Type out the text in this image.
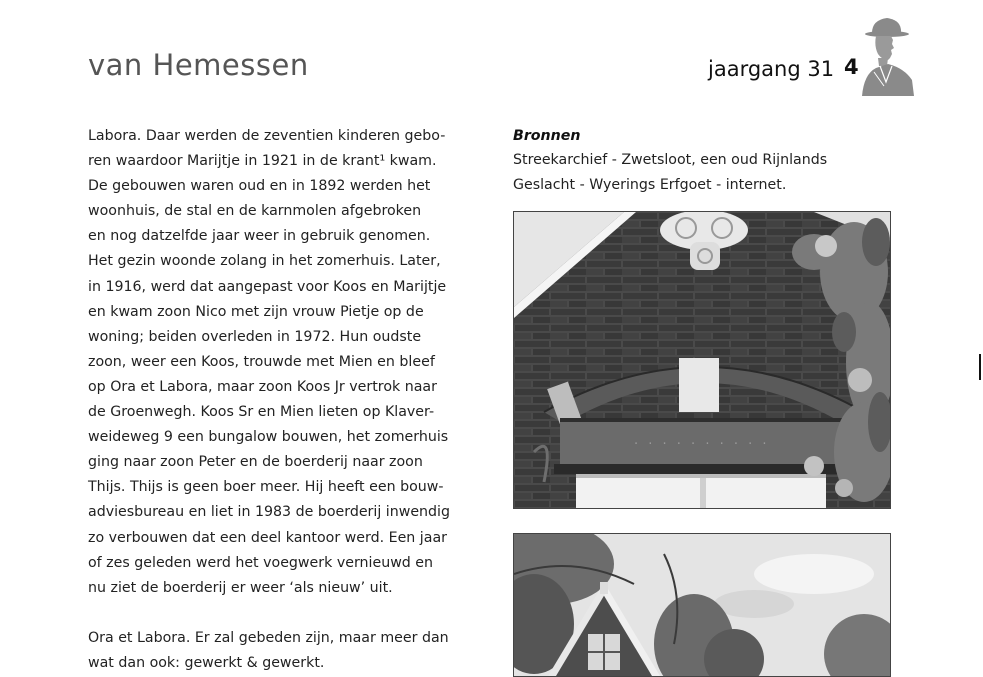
van Hemessen	jaargang 31 4

Labora. Daar werden de zeventien kinderen gebo-

ren waardoor Marijtje in 1921 in de krant¹ kwam.

De gebouwen waren oud en in 1892 werden het

woonhuis, de stal en de karnmolen afgebroken

en nog datzelfde jaar weer in gebruik genomen.

Het gezin woonde zolang in het zomerhuis. Later,

in 1916, werd dat aangepast voor Koos en Marijtje

en kwam zoon Nico met zijn vrouw Pietje op de

woning; beiden overleden in 1972. Hun oudste

zoon, weer een Koos, trouwde met Mien en bleef

op Ora et Labora, maar zoon Koos Jr vertrok naar

de Groenwegh. Koos Sr en Mien lieten op Klaver-

weideweg 9 een bungalow bouwen, het zomerhuis

ging naar zoon Peter en de boerderij naar zoon

Thijs. Thijs is geen boer meer. Hij heeft een bouw-

adviesbureau en liet in 1983 de boerderij inwendig

zo verbouwen dat een deel kantoor werd. Een jaar

of zes geleden werd het voegwerk vernieuwd en

nu ziet de boerderij er weer ‘als nieuw’ uit.

Ora et Labora. Er zal gebeden zijn, maar meer dan

wat dan ook: gewerkt & gewerkt.

Bronnen

Streekarchief - Zwetsloot, een oud Rijnlands

Geslacht - Wyerings Erfgoet - internet.

· · · · · · · · · ·
